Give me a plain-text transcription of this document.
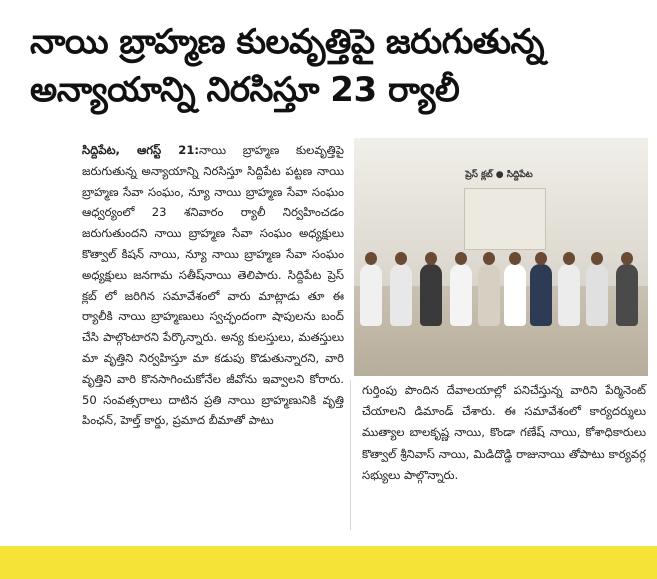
నాయి బ్రాహ్మణ కులవృత్తిపై జరుగుతున్న
అన్యాయాన్ని నిరసిస్తూ 23 ర్యాలీ

సిద్దిపేట, ఆగస్ట్ 21:నాయి బ్రాహ్మణ కులవృత్తిపై జరుగుతున్న అన్యాయాన్ని నిరసిస్తూ సిద్దిపేట పట్టణ నాయి బ్రాహ్మణ సేవా సంఘం, న్యూ నాయి బ్రాహ్మణ సేవా సంఘం ఆధ్వర్యంలో 23 శనివారం ర్యాలీ నిర్వహించడం జరుగుతుందని నాయి బ్రాహ్మణ సేవా సంఘం అధ్యక్షులు కొత్వాల్ కిషన్ నాయి, న్యూ నాయి బ్రాహ్మణ సేవా సంఘం అధ్యక్షులు జనగామ సతీష్‌నాయి తెలిపారు. సిద్దిపేట ప్రెస్ క్లబ్ లో జరిగిన సమావేశంలో వారు మాట్లాడు తూ ఈ ర్యాలీకి నాయి బ్రాహ్మణులు స్వచ్ఛందంగా షాపులను బంద్ చేసి పాల్గొంటారని పేర్కొన్నారు. అన్య కులస్తులు, మతస్తులు మా వృత్తిని నిర్వహిస్తూ మా కడుపు కొడుతున్నారని, వారి వృత్తిని వారి కొనసాగించుకోనేల జీవోను ఇవ్వాలని కోరారు. 50 సంవత్సరాలు దాటిన ప్రతి నాయి బ్రాహ్మణునికి వృత్తి పింఛన్, హెల్త్ కార్డు, ప్రమాద బీమాతో పాటు

ప్రెస్ క్లబ్ ● సిద్దిపేట

గుర్తింపు పొందిన దేవాలయాల్లో పనిచేస్తున్న వారిని పేర్మినెంట్ చేయాలని డిమాండ్ చేశారు. ఈ సమావేశంలో కార్యదర్శులు ముత్యాల బాలకృష్ణ నాయి, కొండా గణేష్ నాయి, కోశాధికారులు కొత్వాల్ శ్రీనివాస్ నాయి, మిడిదొడ్డి రాజునాయి తోపాటు కార్యవర్గ సభ్యులు పాల్గొన్నారు.
